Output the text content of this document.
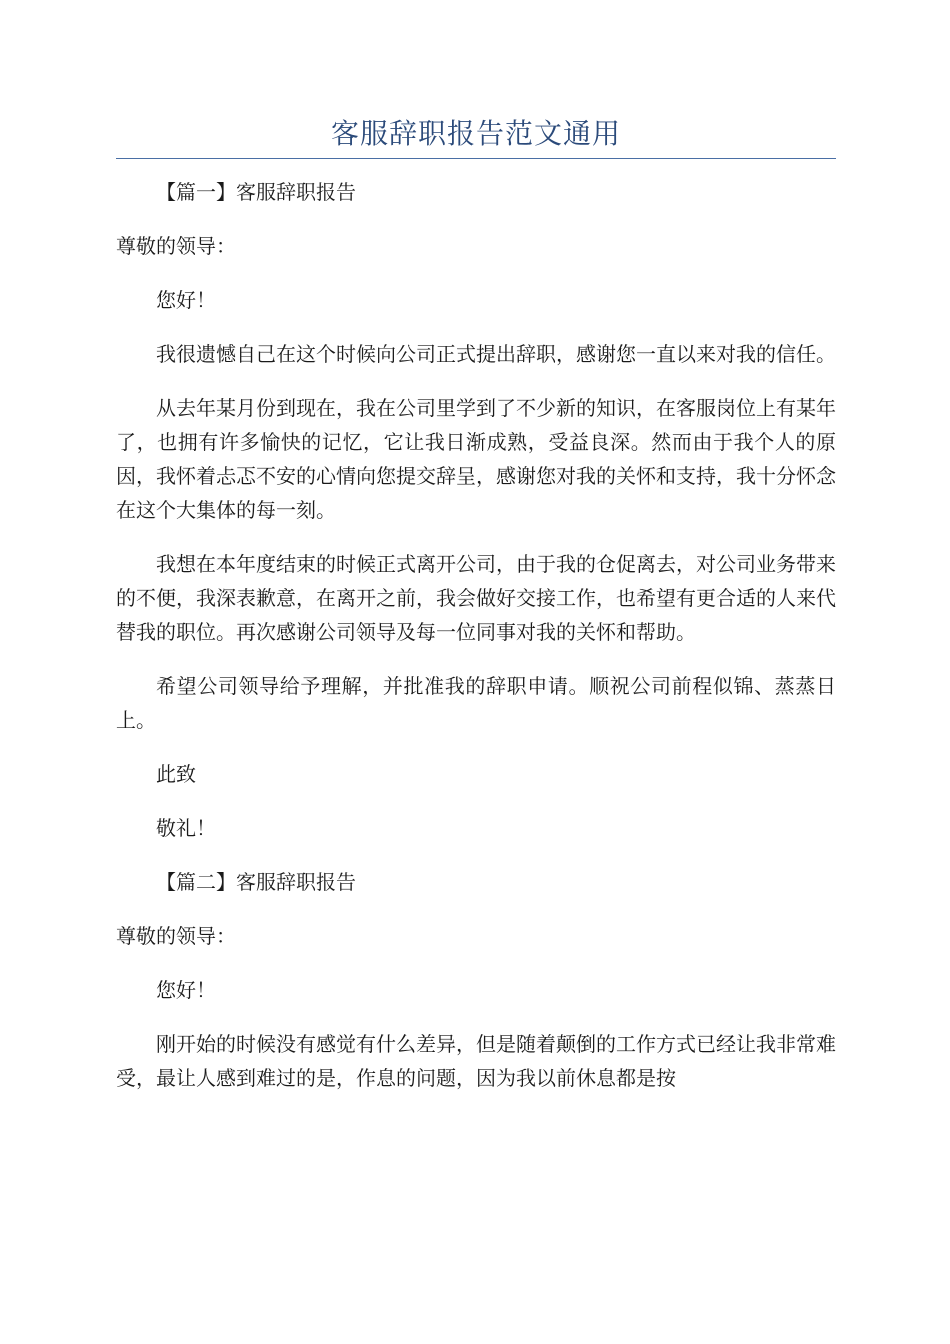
客服辞职报告范文通用

【篇一】客服辞职报告

尊敬的领导：

您好！

我很遗憾自己在这个时候向公司正式提出辞职，感谢您一直以来对我的信任。

从去年某月份到现在，我在公司里学到了不少新的知识，在客服岗位上有某年了，也拥有许多愉快的记忆，它让我日渐成熟，受益良深。然而由于我个人的原因，我怀着忐忑不安的心情向您提交辞呈，感谢您对我的关怀和支持，我十分怀念在这个大集体的每一刻。

我想在本年度结束的时候正式离开公司，由于我的仓促离去，对公司业务带来的不便，我深表歉意，在离开之前，我会做好交接工作，也希望有更合适的人来代替我的职位。再次感谢公司领导及每一位同事对我的关怀和帮助。

希望公司领导给予理解，并批准我的辞职申请。顺祝公司前程似锦、蒸蒸日上。

此致

敬礼！

【篇二】客服辞职报告

尊敬的领导：

您好！

刚开始的时候没有感觉有什么差异，但是随着颠倒的工作方式已经让我非常难受，最让人感到难过的是，作息的问题，因为我以前休息都是按
